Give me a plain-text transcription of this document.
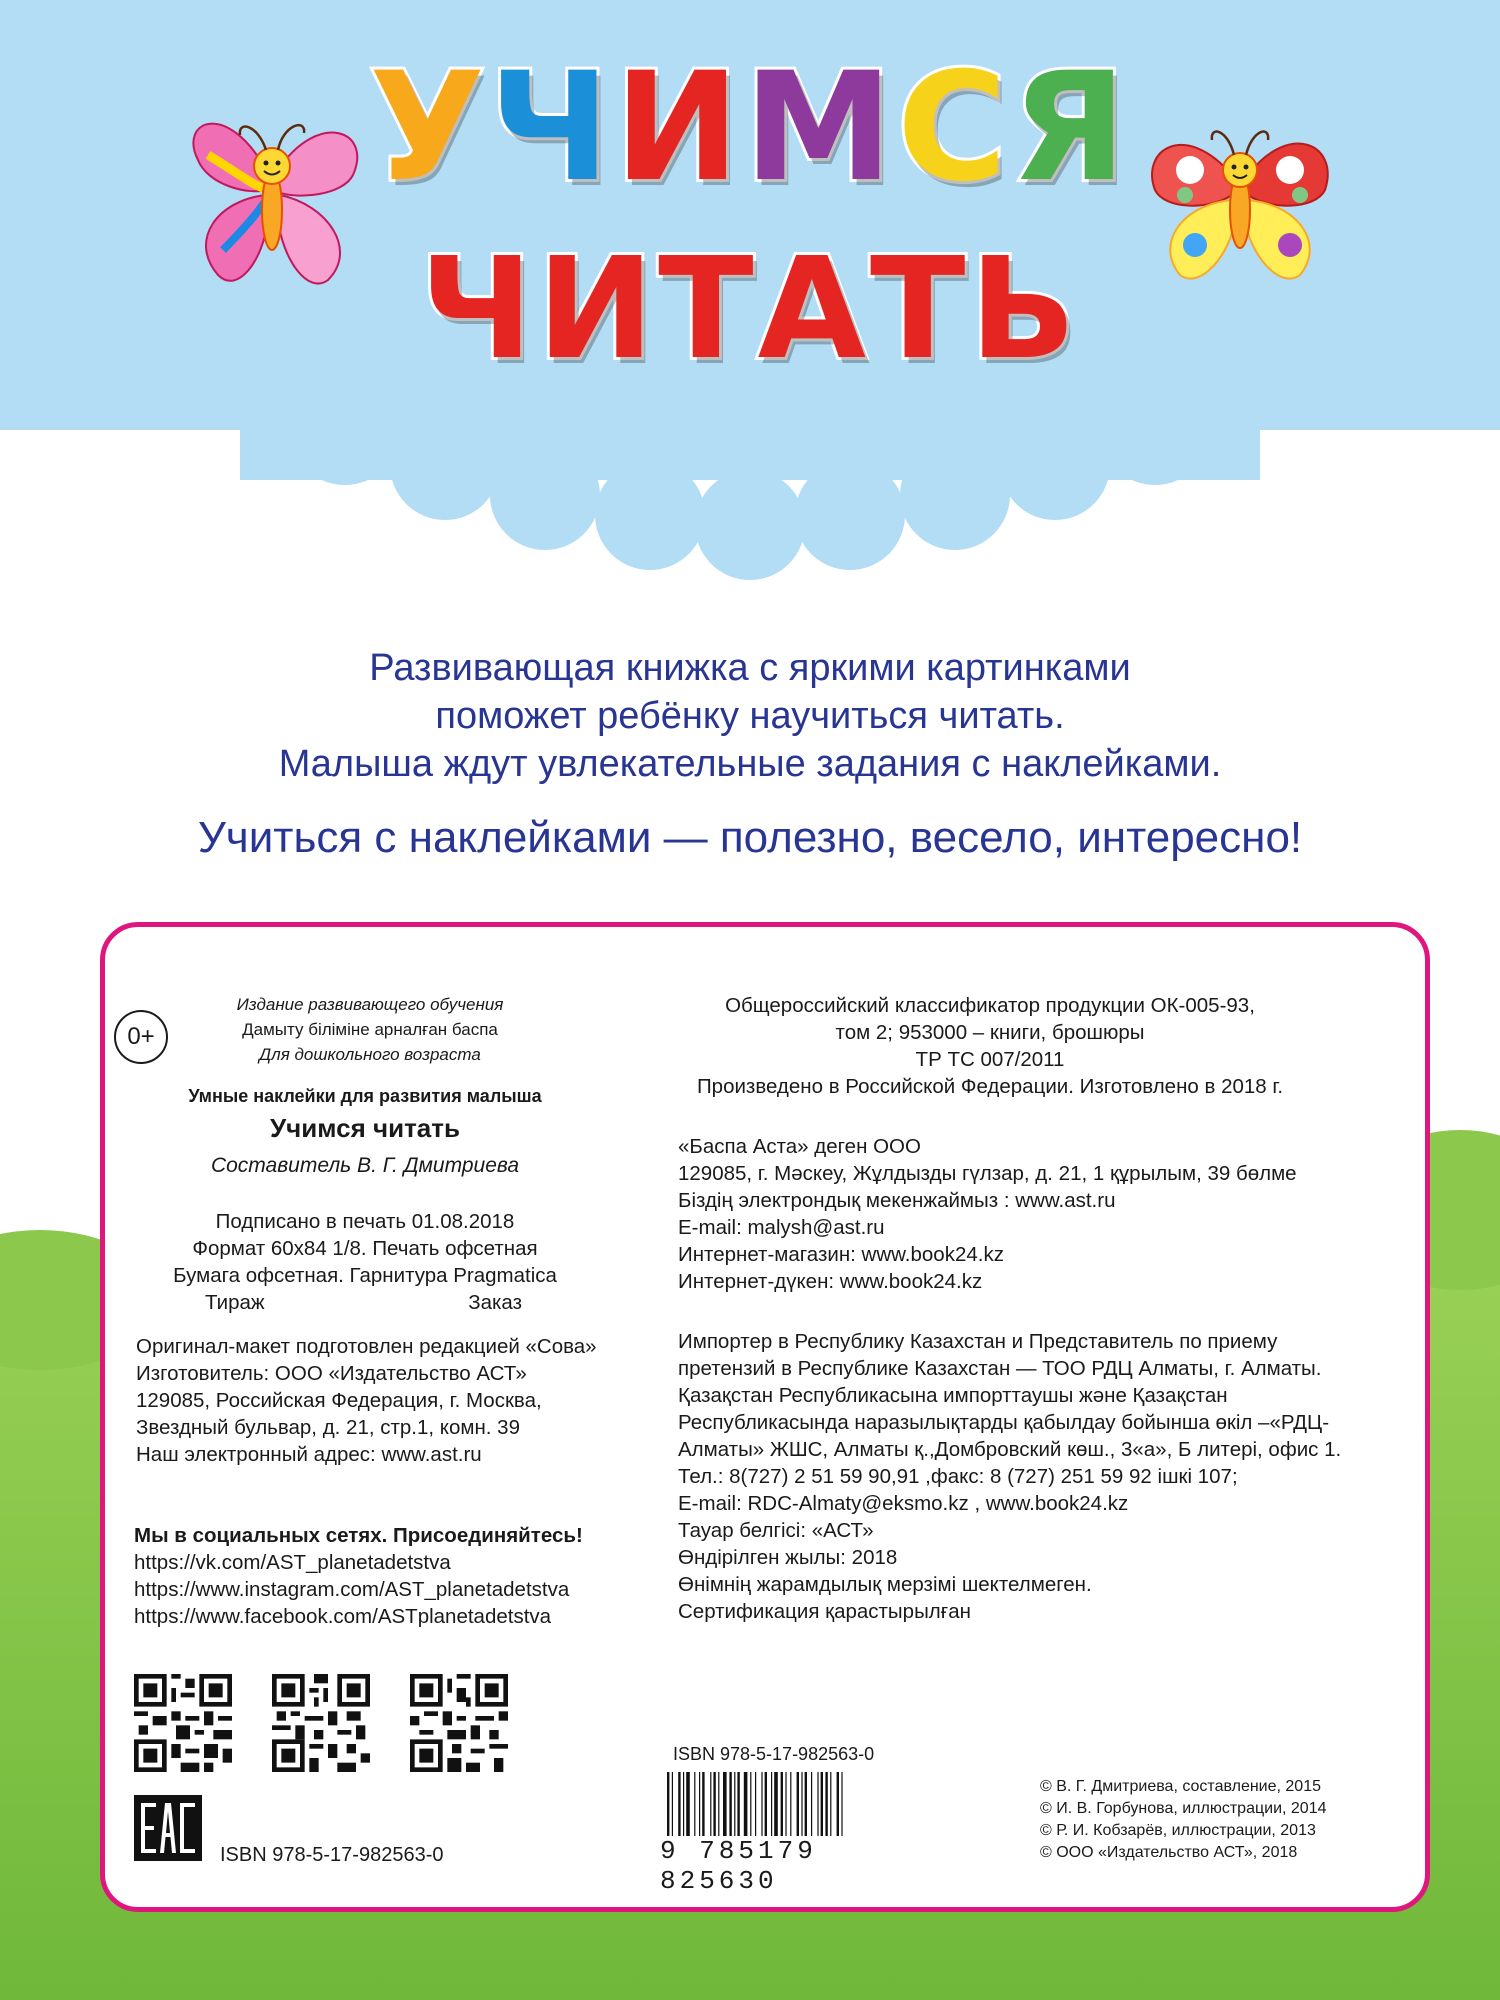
УЧИМСЯ
ЧИТАТЬ
Развивающая книжка с яркими картинками
поможет ребёнку научиться читать.
Малыша ждут увлекательные задания с наклейками.
Учиться с наклейками — полезно, весело, интересно!
0+
Издание развивающего обучения
Дамыту біліміне арналған баспа
Для дошкольного возраста
Умные наклейки для развития малыша
Учимся читать
Составитель В. Г. Дмитриева
Подписано в печать 01.08.2018
Формат 60х84 1/8. Печать офсетная
Бумага офсетная. Гарнитура Pragmatica
Тираж	Заказ
Оригинал-макет подготовлен редакцией «Сова»
Изготовитель: ООО «Издательство АСТ»
129085, Российская Федерация, г. Москва,
Звездный бульвар, д. 21, стр.1, комн. 39
Наш электронный адрес: www.ast.ru
Мы в социальных сетях. Присоединяйтесь!
https://vk.com/AST_planetadetstva
https://www.instagram.com/AST_planetadetstva
https://www.facebook.com/ASTplanetadetstva
ISBN 978-5-17-982563-0
Общероссийский классификатор продукции ОК-005-93,
том 2; 953000 – книги, брошюры
ТР ТС 007/2011
Произведено в Российской Федерации. Изготовлено в 2018 г.
«Баспа Аста» деген ООО
129085, г. Мәскеу, Жұлдызды гүлзар, д. 21, 1 құрылым, 39 бөлме
Біздің электрондық мекенжаймыз : www.ast.ru
E-mail: malysh@ast.ru
Интернет-магазин: www.book24.kz
Интернет-дүкен: www.book24.kz
Импортер в Республику Казахстан и Представитель по приему
претензий в Республике Казахстан — ТОО РДЦ Алматы, г. Алматы.
Қазақстан Республикасына импорттаушы және Қазақстан
Республикасында наразылықтарды қабылдау бойынша өкіл –«РДЦ-
Алматы» ЖШС, Алматы қ.,Домбровский көш., 3«а», Б литері, офис 1.
Тел.: 8(727) 2 51 59 90,91 ,факс: 8 (727) 251 59 92 ішкі 107;
E-mail: RDC-Almaty@eksmo.kz , www.book24.kz
Тауар белгісі: «АСТ»
Өндірілген жылы: 2018
Өнімнің жарамдылық мерзімі шектелмеген.
Сертификация қарастырылған
ISBN 978-5-17-982563-0
9 785179 825630
© В. Г. Дмитриева, составление, 2015
© И. В. Горбунова, иллюстрации, 2014
© Р. И. Кобзарёв, иллюстрации, 2013
© ООО «Издательство АСТ», 2018
